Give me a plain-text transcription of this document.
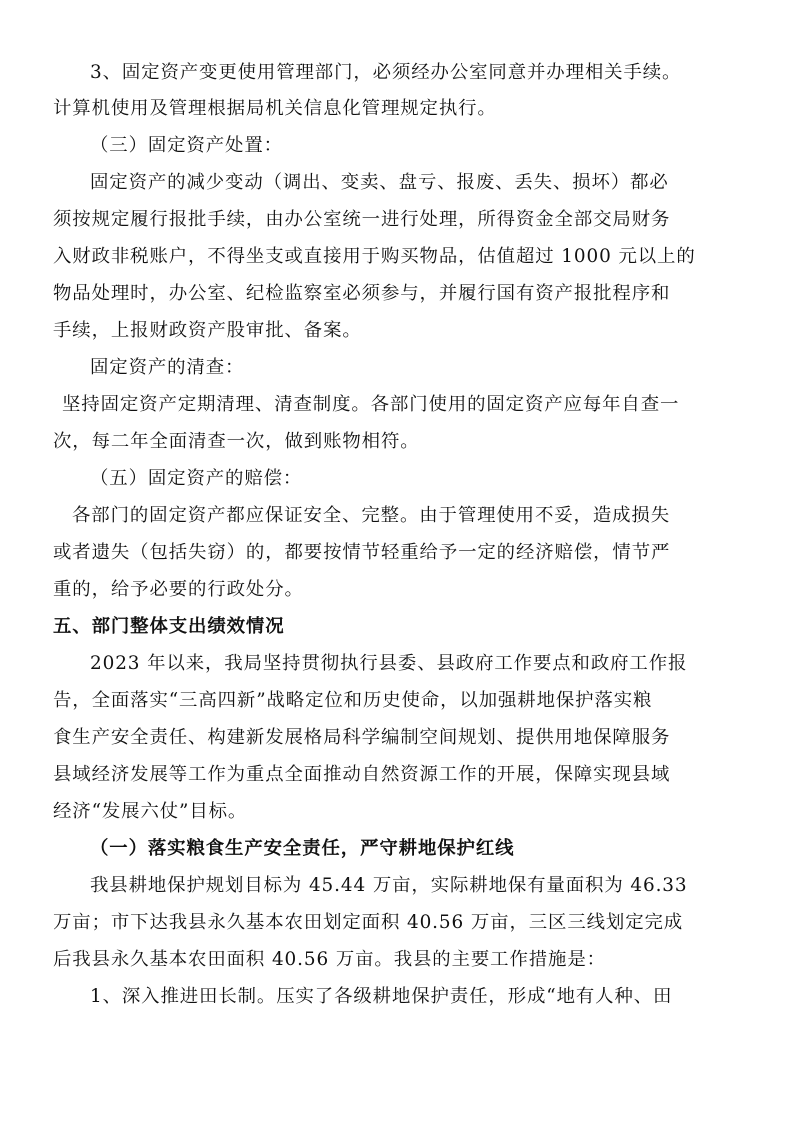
3、固定资产变更使用管理部门，必须经办公室同意并办理相关手续。
计算机使用及管理根据局机关信息化管理规定执行。
（三）固定资产处置：
固定资产的减少变动（调出、变卖、盘亏、报废、丢失、损坏）都必
须按规定履行报批手续，由办公室统一进行处理，所得资金全部交局财务
入财政非税账户，不得坐支或直接用于购买物品，估值超过 1000 元以上的
物品处理时，办公室、纪检监察室必须参与，并履行国有资产报批程序和
手续，上报财政资产股审批、备案。
固定资产的清查：
坚持固定资产定期清理、清查制度。各部门使用的固定资产应每年自查一
次，每二年全面清查一次，做到账物相符。
（五）固定资产的赔偿：
各部门的固定资产都应保证安全、完整。由于管理使用不妥，造成损失
或者遗失（包括失窃）的，都要按情节轻重给予一定的经济赔偿，情节严
重的，给予必要的行政处分。
五、部门整体支出绩效情况
2023 年以来，我局坚持贯彻执行县委、县政府工作要点和政府工作报
告，全面落实“三高四新”战略定位和历史使命，以加强耕地保护落实粮
食生产安全责任、构建新发展格局科学编制空间规划、提供用地保障服务
县域经济发展等工作为重点全面推动自然资源工作的开展，保障实现县域
经济“发展六仗”目标。
（一）落实粮食生产安全责任，严守耕地保护红线
我县耕地保护规划目标为 45.44 万亩，实际耕地保有量面积为 46.33
万亩；市下达我县永久基本农田划定面积 40.56 万亩，三区三线划定完成
后我县永久基本农田面积 40.56 万亩。我县的主要工作措施是：
1、深入推进田长制。压实了各级耕地保护责任，形成“地有人种、田
